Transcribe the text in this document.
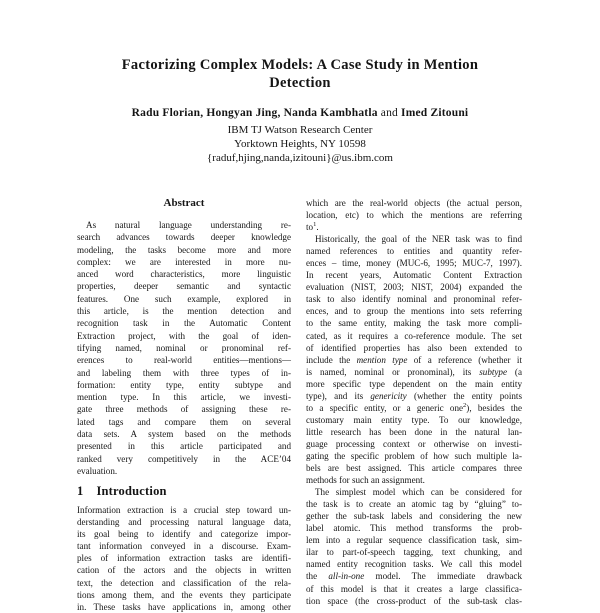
Factorizing Complex Models: A Case Study in Mention
Detection
Radu Florian, Hongyan Jing, Nanda Kambhatla and Imed Zitouni
IBM TJ Watson Research Center
Yorktown Heights, NY 10598
{raduf,hjing,nanda,izitouni}@us.ibm.com
Abstract
As natural language understanding re-
search advances towards deeper knowledge
modeling, the tasks become more and more
complex: we are interested in more nu-
anced word characteristics, more linguistic
properties, deeper semantic and syntactic
features. One such example, explored in
this article, is the mention detection and
recognition task in the Automatic Content
Extraction project, with the goal of iden-
tifying named, nominal or pronominal ref-
erences to real-world entities—mentions—
and labeling them with three types of in-
formation: entity type, entity subtype and
mention type. In this article, we investi-
gate three methods of assigning these re-
lated tags and compare them on several
data sets. A system based on the methods
presented in this article participated and
ranked very competitively in the ACE’04
evaluation.
1 Introduction
Information extraction is a crucial step toward un-
derstanding and processing natural language data,
its goal being to identify and categorize impor-
tant information conveyed in a discourse. Exam-
ples of information extraction tasks are identifi-
cation of the actors and the objects in written
text, the detection and classification of the rela-
tions among them, and the events they participate
in. These tasks have applications in, among other
which are the real-world objects (the actual person,
location, etc) to which the mentions are referring
$to^1$.
Historically, the goal of the NER task was to find
named references to entities and quantity refer-
ences – time, money (MUC-6, 1995; MUC-7, 1997).
In recent years, Automatic Content Extraction
evaluation (NIST, 2003; NIST, 2004) expanded the
task to also identify nominal and pronominal refer-
ences, and to group the mentions into sets referring
to the same entity, making the task more compli-
cated, as it requires a co-reference module. The set
of identified properties has also been extended to
include the mention type of a reference (whether it
is named, nominal or pronominal), its subtype (a
more specific type dependent on the main entity
type), and its genericity (whether the entity points
to a specific entity, or a generic one$^2$), besides the
customary main entity type. To our knowledge,
little research has been done in the natural lan-
guage processing context or otherwise on investi-
gating the specific problem of how such multiple la-
bels are best assigned. This article compares three
methods for such an assignment.
The simplest model which can be considered for
the task is to create an atomic tag by “gluing” to-
gether the sub-task labels and considering the new
label atomic. This method transforms the prob-
lem into a regular sequence classification task, sim-
ilar to part-of-speech tagging, text chunking, and
named entity recognition tasks. We call this model
the all-in-one model. The immediate drawback
of this model is that it creates a large classifica-
tion space (the cross-product of the sub-task clas-
